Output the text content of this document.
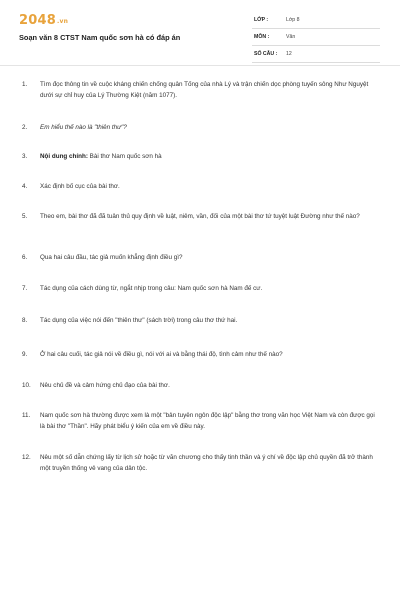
2048.vn
Soạn văn 8 CTST Nam quốc sơn hà có đáp án
LỚP :	Lớp 8
MÔN :	Văn
SỐ CÂU : 12
1.	Tìm đọc thông tin về cuộc kháng chiến chống quân Tống của nhà Lý và trận chiến dọc phòng tuyến sông Như Nguyệt dưới sự chỉ huy của Lý Thường Kiệt (năm 1077).
2.	Em hiểu thế nào là "thiên thư"?
3.	Nội dung chính: Bài thơ Nam quốc sơn hà
4.	Xác định bố cục của bài thơ.
5.	Theo em, bài thơ đã đã tuân thủ quy định về luật, niêm, vần, đối của một bài thơ tứ tuyệt luật Đường như thế nào?
6.	Qua hai câu đầu, tác giả muốn khẳng định điều gì?
7.	Tác dụng của cách dùng từ, ngắt nhịp trong câu: Nam quốc sơn hà Nam đế cư.
8.	Tác dụng của việc nói đến "thiên thư" (sách trời) trong câu thơ thứ hai.
9.	Ở hai câu cuối, tác giả nói về điều gì, nói với ai và bằng thái độ, tình cảm như thế nào?
10.	Nêu chủ đề và cảm hứng chủ đạo của bài thơ.
11.	Nam quốc sơn hà thường được xem là một "bản tuyên ngôn độc lập" bằng thơ trong văn học Việt Nam và còn được gọi là bài thơ "Thần". Hãy phát biểu ý kiến của em về điều này.
12.	Nêu một số dẫn chứng lấy từ lịch sử hoặc từ văn chương cho thấy tinh thần và ý chí về độc lập chủ quyền đã trở thành một truyền thống vẻ vang của dân tộc.
